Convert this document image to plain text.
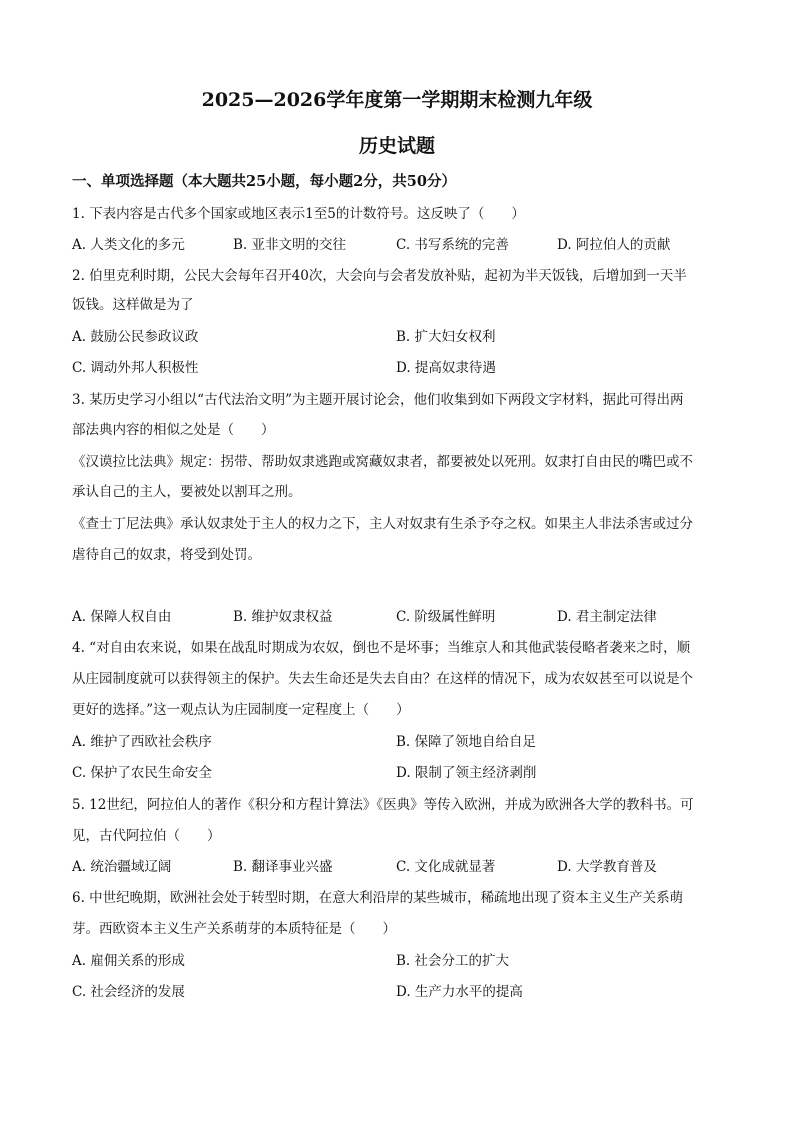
2025—2026学年度第一学期期末检测九年级
历史试题
一、单项选择题（本大题共25小题，每小题2分，共50分）
1. 下表内容是古代多个国家或地区表示1至5的计数符号。这反映了（　　）
A. 人类文化的多元	B. 亚非文明的交往	C. 书写系统的完善	D. 阿拉伯人的贡献
2. 伯里克利时期，公民大会每年召开40次，大会向与会者发放补贴，起初为半天饭钱，后增加到一天半
饭钱。这样做是为了
A. 鼓励公民参政议政	B. 扩大妇女权利
C. 调动外邦人积极性	D. 提高奴隶待遇
3. 某历史学习小组以“古代法治文明”为主题开展讨论会，他们收集到如下两段文字材料，据此可得出两
部法典内容的相似之处是（　　）
《汉谟拉比法典》规定：拐带、帮助奴隶逃跑或窝藏奴隶者，都要被处以死刑。奴隶打自由民的嘴巴或不
承认自己的主人，要被处以割耳之刑。
《查士丁尼法典》承认奴隶处于主人的权力之下，主人对奴隶有生杀予夺之权。如果主人非法杀害或过分
虐待自己的奴隶，将受到处罚。
A. 保障人权自由	B. 维护奴隶权益	C. 阶级属性鲜明	D. 君主制定法律
4. “对自由农来说，如果在战乱时期成为农奴，倒也不是坏事；当维京人和其他武装侵略者袭来之时，顺
从庄园制度就可以获得领主的保护。失去生命还是失去自由？在这样的情况下，成为农奴甚至可以说是个
更好的选择。”这一观点认为庄园制度一定程度上（　　）
A. 维护了西欧社会秩序	B. 保障了领地自给自足
C. 保护了农民生命安全	D. 限制了领主经济剥削
5. 12世纪，阿拉伯人的著作《积分和方程计算法》《医典》等传入欧洲，并成为欧洲各大学的教科书。可
见，古代阿拉伯（　　）
A. 统治疆域辽阔	B. 翻译事业兴盛	C. 文化成就显著	D. 大学教育普及
6. 中世纪晚期，欧洲社会处于转型时期，在意大利沿岸的某些城市，稀疏地出现了资本主义生产关系萌
芽。西欧资本主义生产关系萌芽的本质特征是（　　）
A. 雇佣关系的形成	B. 社会分工的扩大
C. 社会经济的发展	D. 生产力水平的提高
